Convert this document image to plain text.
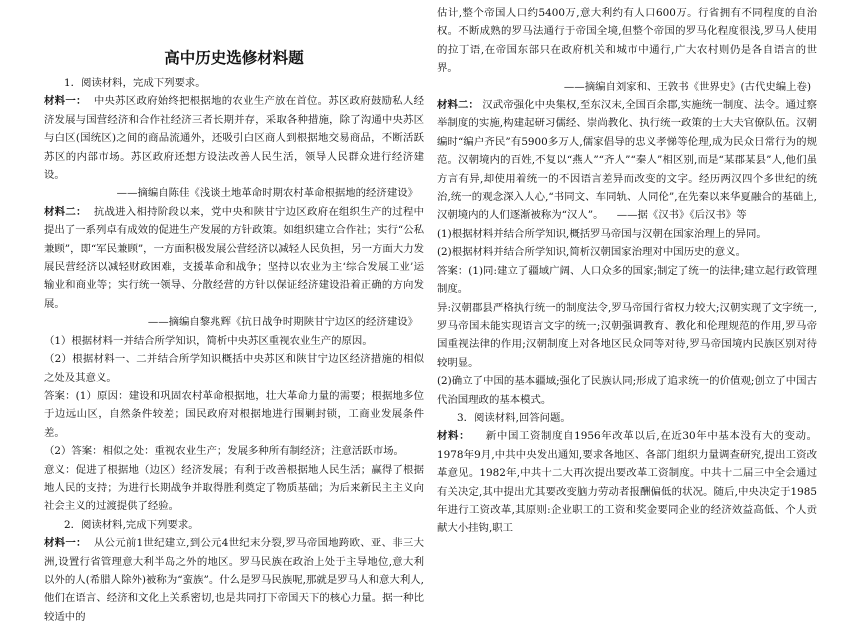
高中历史选修材料题

1．阅读材料，完成下列要求。

材料一： 中央苏区政府始终把根据地的农业生产放在首位。苏区政府鼓励私人经济发展与国营经济和合作社经济三者长期并存，采取各种措施，除了沟通中央苏区与白区(国统区)之间的商品流通外，还吸引白区商人到根据地交易商品，不断活跃苏区的内部市场。苏区政府还想方设法改善人民生活，领导人民群众进行经济建设。

——摘编自陈佳《浅谈土地革命时期农村革命根据地的经济建设》

材料二： 抗战进入相持阶段以来，党中央和陕甘宁边区政府在组织生产的过程中提出了一系列卓有成效的促进生产发展的方针政策。如组织建立合作社；实行“公私兼顾”，即“军民兼顾”，一方面积极发展公营经济以减轻人民负担，另一方面大力发展民营经济以减轻财政困难，支援革命和战争；坚持以农业为主‘综合发展工业’运输业和商业等；实行统一领导、分散经营的方针以保证经济建设沿着正确的方向发展。

——摘编自黎兆辉《抗日战争时期陕甘宁边区的经济建设》

（1）根据材料一并结合所学知识，简析中央苏区重视农业生产的原因。

（2）根据材料一、二并结合所学知识概括中央苏区和陕甘宁边区经济措施的相似之处及其意义。

答案：(1）原因：建设和巩固农村革命根据地，壮大革命力量的需要；根据地多位于边远山区，自然条件较差；国民政府对根据地进行围剿封锁，工商业发展条件差。

（2）答案：相似之处：重视农业生产；发展多种所有制经济；注意活跃市场。

意义：促进了根据地（边区）经济发展；有利于改善根据地人民生活；赢得了根据地人民的支持；为进行长期战争并取得胜利奠定了物质基础；为后来新民主主义向社会主义的过渡提供了经验。

2．阅读材料,完成下列要求。

材料一： 从公元前1世纪建立,到公元4世纪末分裂,罗马帝国地跨欧、亚、非三大洲,设置行省管理意大利半岛之外的地区。罗马民族在政治上处于主导地位,意大利以外的人(希腊人除外)被称为“蛮族”。什么是罗马民族呢,那就是罗马人和意大利人,他们在语言、经济和文化上关系密切,也是共同打下帝国天下的核心力量。据一种比较适中的

估计,整个帝国人口约5400万,意大利约有人口600万。行省拥有不同程度的自治权。不断成熟的罗马法通行于帝国全境,但整个帝国的罗马化程度很浅,罗马人使用的拉丁语,在帝国东部只在政府机关和城市中通行,广大农村则仍是各自语言的世界。

——摘编自刘家和、王敦书《世界史》(古代史编上卷)

材料二： 汉武帝强化中央集权,至东汉末,全国百余郡,实施统一制度、法令。通过察举制度的实施,构建起研习儒经、崇尚教化、执行统一政策的士大夫官僚队伍。汉朝编时“编户齐民”有5900多万人,儒家倡导的忠义孝悌等伦理,成为民众日常行为的规范。汉朝境内的百姓,不复以“燕人”“齐人”“秦人”相区别,而是“某郡某县”人,他们虽方言有异,却使用着统一的不因语言差异而改变的文字。经历两汉四个多世纪的统治,统一的观念深入人心,“书同文、车同轨、人同伦”,在先秦以来华夏融合的基础上,汉朝境内的人们逐渐被称为“汉人”。 ——据《汉书》《后汉书》等

(1)根据材料并结合所学知识,概括罗马帝国与汉朝在国家治理上的异同。

(2)根据材料并结合所学知识,简析汉朝国家治理对中国历史的意义。

答案：(1)同:建立了疆域广阔、人口众多的国家;制定了统一的法律;建立起行政管理制度。

异:汉朝郡县严格执行统一的制度法令,罗马帝国行省权力较大;汉朝实现了文字统一,罗马帝国未能实现语言文字的统一;汉朝强调教育、教化和伦理规范的作用,罗马帝国重视法律的作用;汉朝制度上对各地区民众同等对待,罗马帝国境内民族区别对待较明显。

(2)确立了中国的基本疆域;强化了民族认同;形成了追求统一的价值观;创立了中国古代治国理政的基本模式。

3．阅读材料,回答问题。

材料： 新中国工资制度自1956年改革以后,在近30年中基本没有大的变动。1978年9月,中共中央发出通知,要求各地区、各部门组织力量调查研究,提出工资改革意见。1982年,中共十二大再次提出要改革工资制度。中共十二届三中全会通过有关决定,其中提出尤其要改变脑力劳动者报酬偏低的状况。随后,中央决定于1985年进行工资改革,其原则:企业职工的工资和奖金要同企业的经济效益高低、个人贡献大小挂钩,职工
